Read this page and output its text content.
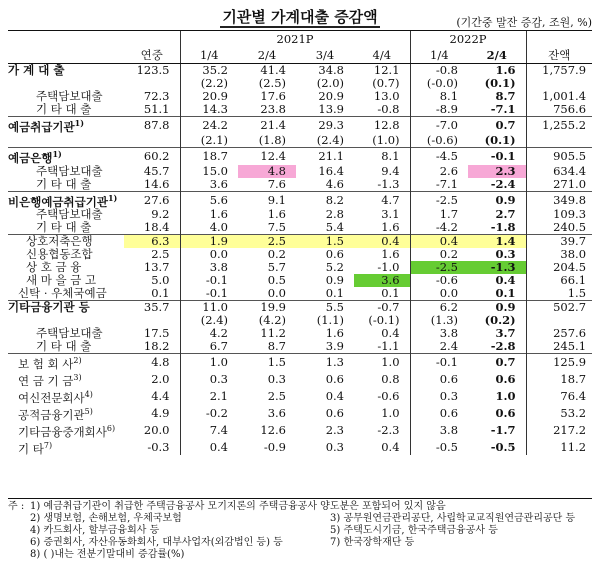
기관별 가계대출 증감액	(기간중 말잔 증감, 조원, %)
		2021P				2022P		
	연중	1/4	2/4	3/4	4/4	1/4	2/4	잔액
가 계 대 출	123.5	35.2	41.4	34.8	12.1	-0.8	1.6	1,757.9
		(2.2)	(2.5)	(2.0)	(0.7)	(-0.0)	(0.1)	
주택담보대출	72.3	20.9	17.6	20.9	13.0	8.1	8.7	1,001.4
기 타 대 출	51.1	14.3	23.8	13.9	-0.8	-8.9	-7.1	756.6
예금취급기관$^{1)}$	87.8	24.2	21.4	29.3	12.8	-7.0	0.7	1,255.2
		(2.1)	(1.8)	(2.4)	(1.0)	(-0.6)	(0.1)	
예금은행$^{1)}$	60.2	18.7	12.4	21.1	8.1	-4.5	-0.1	905.5
주택담보대출	45.7	15.0	4.8	16.4	9.4	2.6	2.3	634.4
기 타 대 출	14.6	3.6	7.6	4.6	-1.3	-7.1	-2.4	271.0
비은행예금취급기관$^{1)}$	27.6	5.6	9.1	8.2	4.7	-2.5	0.9	349.8
주택담보대출	9.2	1.6	1.6	2.8	3.1	1.7	2.7	109.3
기 타 대 출	18.4	4.0	7.5	5.4	1.6	-4.2	-1.8	240.5
상호저축은행	6.3	1.9	2.5	1.5	0.4	0.4	1.4	39.7
신용협동조합	2.5	0.0	0.2	0.6	1.6	0.2	0.3	38.0
상 호 금 융	13.7	3.8	5.7	5.2	-1.0	-2.5	-1.3	204.5
새 마 을 금 고	5.0	-0.1	0.5	0.9	3.6	-0.6	0.4	66.1
신탁 · 우체국예금	0.1	-0.1	0.0	0.1	0.1	0.0	0.1	1.5
기타금융기관 등	35.7	11.0	19.9	5.5	-0.7	6.2	0.9	502.7
		(2.4)	(4.2)	(1.1)	(-0.1)	(1.3)	(0.2)	
주택담보대출	17.5	4.2	11.2	1.6	0.4	3.8	3.7	257.6
기 타 대 출	18.2	6.7	8.7	3.9	-1.1	2.4	-2.8	245.1
보 험 회 사$^{2)}$	4.8	1.0	1.5	1.3	1.0	-0.1	0.7	125.9
연 금 기 금$^{3)}$	2.0	0.3	0.3	0.6	0.8	0.6	0.6	18.7
여신전문회사$^{4)}$	4.4	2.1	2.5	0.4	-0.6	0.3	1.0	76.4
공적금융기관$^{5)}$	4.9	-0.2	3.6	0.6	1.0	0.6	0.6	53.2
기타금융중개회사$^{6)}$	20.0	7.4	12.6	2.3	-2.3	3.8	-1.7	217.2
기 타$^{7)}$	-0.3	0.4	-0.9	0.3	0.4	-0.5	-0.5	11.2
주 : 1) 예금취급기관이 취급한 주택금융공사 모기지론의 주택금융공사 양도분은 포함되어 있지 않음
2) 생명보험, 손해보험, 우체국보험	3) 공무원연금관리공단, 사립학교교직원연금관리공단 등
4) 카드회사, 할부금융회사 등	5) 주택도시기금, 한국주택금융공사 등
6) 증권회사, 자산유동화회사, 대부사업자(외감법인 등) 등	7) 한국장학재단 등
8) ( )내는 전분기말대비 증감률(%)
